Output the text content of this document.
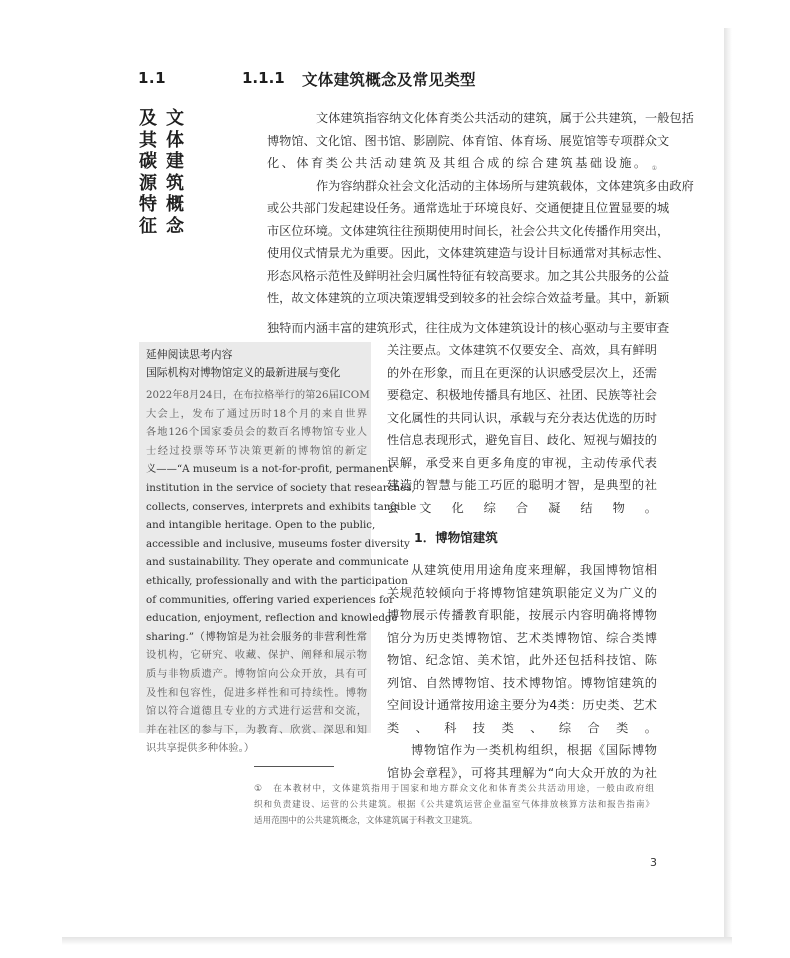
1.1	1.1.1 文体建筑概念及常见类型
文体建筑概念
及其碳源特征
文体建筑指容纳文化体育类公共活动的建筑，属于公共建筑，一般包括
博物馆、文化馆、图书馆、影剧院、体育馆、体育场、展览馆等专项群众文
化、体育类公共活动建筑及其组合成的综合建筑基础设施。 ①
作为容纳群众社会文化活动的主体场所与建筑载体，文体建筑多由政府
或公共部门发起建设任务。通常选址于环境良好、交通便捷且位置显要的城
市区位环境。文体建筑往往预期使用时间长，社会公共文化传播作用突出，
使用仪式情景尤为重要。因此，文体建筑建造与设计目标通常对其标志性、
形态风格示范性及鲜明社会归属性特征有较高要求。加之其公共服务的公益
性，故文体建筑的立项决策逻辑受到较多的社会综合效益考量。其中，新颖
独特而内涵丰富的建筑形式，往往成为文体建筑设计的核心驱动与主要审查
关注要点。文体建筑不仅要安全、高效，具有鲜明
的外在形象，而且在更深的认识感受层次上，还需
要稳定、积极地传播具有地区、社团、民族等社会
文化属性的共同认识，承载与充分表达优选的历时
性信息表现形式，避免盲目、歧化、短视与媚技的
误解，承受来自更多角度的审视，主动传承代表
建造的智慧与能工巧匠的聪明才智，是典型的社
会文化综合凝结物。
从建筑使用用途角度来理解，我国博物馆相
关规范较倾向于将博物馆建筑职能定义为广义的
博物展示传播教育职能，按展示内容明确将博物
馆分为历史类博物馆、艺术类博物馆、综合类博
物馆、纪念馆、美术馆，此外还包括科技馆、陈
列馆、自然博物馆、技术博物馆。博物馆建筑的
空间设计通常按用途主要分为4类：历史类、艺术
类、科技类、综合类。
博物馆作为一类机构组织，根据《国际博物
馆协会章程》，可将其理解为“向大众开放的为社
1．博物馆建筑
延伸阅读思考内容
国际机构对博物馆定义的最新进展与变化
2022年8月24日，在布拉格举行的第26届ICOM
大会上，发布了通过历时18个月的来自世界
各地126个国家委员会的数百名博物馆专业人
士经过投票等环节决策更新的博物馆的新定
义——“A museum is a not-for-profit, permanent
institution in the service of society that researches,
collects, conserves, interprets and exhibits tangible
and intangible heritage. Open to the public,
accessible and inclusive, museums foster diversity
and sustainability. They operate and communicate
ethically, professionally and with the participation
of communities, offering varied experiences for
education, enjoyment, reflection and knowledge
sharing.”（博物馆是为社会服务的非营利性常
设机构，它研究、收藏、保护、阐释和展示物
质与非物质遗产。博物馆向公众开放，具有可
及性和包容性，促进多样性和可持续性。博物
馆以符合道德且专业的方式进行运营和交流，
并在社区的参与下，为教育、欣赏、深思和知
识共享提供多种体验。）
① 在本教材中，文体建筑指用于国家和地方群众文化和体育类公共活动用途，一般由政府组
织和负责建设、运营的公共建筑。根据《公共建筑运营企业温室气体排放核算方法和报告指南》
适用范围中的公共建筑概念，文体建筑属于科教文卫建筑。
3
